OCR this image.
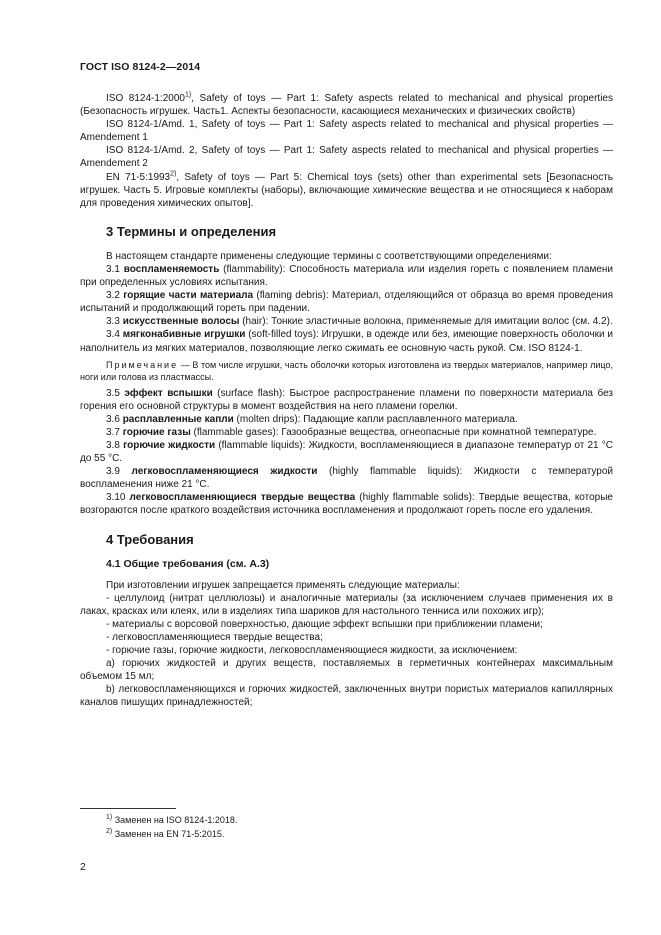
ГОСТ ISO 8124-2—2014

ISO 8124-1:2000$^{1)}$, Safety of toys — Part 1: Safety aspects related to mechanical and physical properties (Безопасность игрушек. Часть1. Аспекты безопасности, касающиеся механических и физических свойств)

ISO 8124-1/Amd. 1, Safety of toys — Part 1: Safety aspects related to mechanical and physical properties — Amendement 1

ISO 8124-1/Amd. 2, Safety of toys — Part 1: Safety aspects related to mechanical and physical properties — Amendement 2

EN 71-5:1993$^{2)}$, Safety of toys — Part 5: Chemical toys (sets) other than experimental sets [Безопасность игрушек. Часть 5. Игровые комплекты (наборы), включающие химические вещества и не относящиеся к наборам для проведения химических опытов].

3 Термины и определения

В настоящем стандарте применены следующие термины с соответствующими определениями:

3.1 воспламеняемость (flammability): Способность материала или изделия гореть с появлением пламени при определенных условиях испытания.

3.2 горящие части материала (flaming debris): Материал, отделяющийся от образца во время проведения испытаний и продолжающий гореть при падении.

3.3 искусственные волосы (hair): Тонкие эластичные волокна, применяемые для имитации волос (см. 4.2).

3.4 мягконабивные игрушки (soft-filled toys): Игрушки, в одежде или без, имеющие поверхность оболочки и наполнитель из мягких материалов, позволяющие легко сжимать ее основную часть рукой. См. ISO 8124-1.

Примечание — В том числе игрушки, часть оболочки которых изготовлена из твердых материалов, например лицо, ноги или голова из пластмассы.

3.5 эффект вспышки (surface flash): Быстрое распространение пламени по поверхности материала без горения его основной структуры в момент воздействия на него пламени горелки.

3.6 расплавленные капли (molten drips): Падающие капли расплавленного материала.

3.7 горючие газы (flammable gases): Газообразные вещества, огнеопасные при комнатной температуре.

3.8 горючие жидкости (flammable liquids): Жидкости, воспламеняющиеся в диапазоне температур от 21 °С до 55 °С.

3.9 легковоспламеняющиеся жидкости (highly flammable liquids): Жидкости с температурой воспламенения ниже 21 °С.

3.10 легковоспламеняющиеся твердые вещества (highly flammable solids): Твердые вещества, которые возгораются после краткого воздействия источника воспламенения и продолжают гореть после его удаления.

4 Требования
4.1 Общие требования (см. А.3)

При изготовлении игрушек запрещается применять следующие материалы:

- целлулоид (нитрат целлюлозы) и аналогичные материалы (за исключением случаев применения их в лаках, красках или клеях, или в изделиях типа шариков для настольного тенниса или похожих игр);

- материалы с ворсовой поверхностью, дающие эффект вспышки при приближении пламени;

- легковоспламеняющиеся твердые вещества;

- горючие газы, горючие жидкости, легковоспламеняющиеся жидкости, за исключением:

а) горючих жидкостей и других веществ, поставляемых в герметичных контейнерах максимальным объемом 15 мл;

b) легковоспламеняющихся и горючих жидкостей, заключенных внутри пористых материалов капиллярных каналов пишущих принадлежностей;

$^{1)}$ Заменен на ISO 8124-1:2018.
$^{2)}$ Заменен на EN 71-5:2015.
2
